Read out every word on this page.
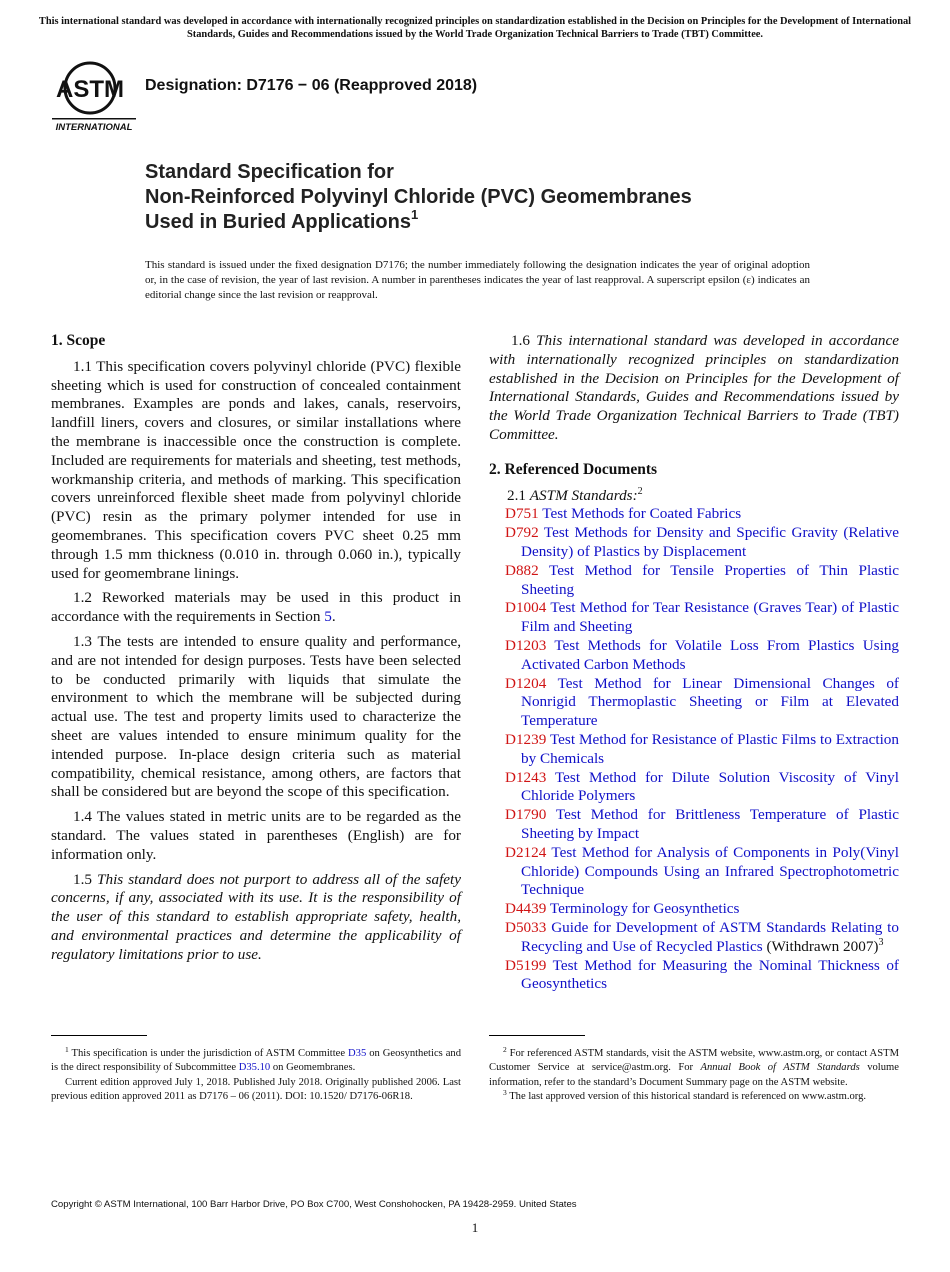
This international standard was developed in accordance with internationally recognized principles on standardization established in the Decision on Principles for the Development of International Standards, Guides and Recommendations issued by the World Trade Organization Technical Barriers to Trade (TBT) Committee.
ASTM
INTERNATIONAL
Designation: D7176 − 06 (Reapproved 2018)
Standard Specification for
Non-Reinforced Polyvinyl Chloride (PVC) Geomembranes
Used in Buried Applications$^1$
This standard is issued under the fixed designation D7176; the number immediately following the designation indicates the year of original adoption or, in the case of revision, the year of last revision. A number in parentheses indicates the year of last reapproval. A superscript epsilon (ε) indicates an editorial change since the last revision or reapproval.
1. Scope

1.1 This specification covers polyvinyl chloride (PVC) flexible sheeting which is used for construction of concealed containment membranes. Examples are ponds and lakes, canals, reservoirs, landfill liners, covers and closures, or similar installations where the membrane is inaccessible once the construction is complete. Included are requirements for materials and sheeting, test methods, workmanship criteria, and methods of marking. This specification covers unreinforced flexible sheet made from polyvinyl chloride (PVC) resin as the primary polymer intended for use in geomembranes. This specification covers PVC sheet 0.25 mm through 1.5 mm thickness (0.010 in. through 0.060 in.), typically used for geomembrane linings.

1.2 Reworked materials may be used in this product in accordance with the requirements in Section 5.

1.3 The tests are intended to ensure quality and performance, and are not intended for design purposes. Tests have been selected to be conducted primarily with liquids that simulate the environment to which the membrane will be subjected during actual use. The test and property limits used to characterize the sheet are values intended to ensure minimum quality for the intended purpose. In-place design criteria such as material compatibility, chemical resistance, among others, are factors that shall be considered but are beyond the scope of this specification.

1.4 The values stated in metric units are to be regarded as the standard. The values stated in parentheses (English) are for information only.

1.5 This standard does not purport to address all of the safety concerns, if any, associated with its use. It is the responsibility of the user of this standard to establish appropriate safety, health, and environmental practices and determine the applicability of regulatory limitations prior to use.

1.6 This international standard was developed in accordance with internationally recognized principles on standardization established in the Decision on Principles for the Development of International Standards, Guides and Recommendations issued by the World Trade Organization Technical Barriers to Trade (TBT) Committee.

2. Referenced Documents

2.1 ASTM Standards:$^2$

D751 Test Methods for Coated Fabrics

D792 Test Methods for Density and Specific Gravity (Relative Density) of Plastics by Displacement

D882 Test Method for Tensile Properties of Thin Plastic Sheeting

D1004 Test Method for Tear Resistance (Graves Tear) of Plastic Film and Sheeting

D1203 Test Methods for Volatile Loss From Plastics Using Activated Carbon Methods

D1204 Test Method for Linear Dimensional Changes of Nonrigid Thermoplastic Sheeting or Film at Elevated Temperature

D1239 Test Method for Resistance of Plastic Films to Extraction by Chemicals

D1243 Test Method for Dilute Solution Viscosity of Vinyl Chloride Polymers

D1790 Test Method for Brittleness Temperature of Plastic Sheeting by Impact

D2124 Test Method for Analysis of Components in Poly(Vinyl Chloride) Compounds Using an Infrared Spectrophotometric Technique

D4439 Terminology for Geosynthetics

D5033 Guide for Development of ASTM Standards Relating to Recycling and Use of Recycled Plastics (Withdrawn 2007)$^3$

D5199 Test Method for Measuring the Nominal Thickness of Geosynthetics

$^1$ This specification is under the jurisdiction of ASTM Committee D35 on Geosynthetics and is the direct responsibility of Subcommittee D35.10 on Geomembranes.

Current edition approved July 1, 2018. Published July 2018. Originally published 2006. Last previous edition approved 2011 as D7176 – 06 (2011). DOI: 10.1520/ D7176-06R18.

$^2$ For referenced ASTM standards, visit the ASTM website, www.astm.org, or contact ASTM Customer Service at service@astm.org. For Annual Book of ASTM Standards volume information, refer to the standard’s Document Summary page on the ASTM website.

$^3$ The last approved version of this historical standard is referenced on www.astm.org.

Copyright © ASTM International, 100 Barr Harbor Drive, PO Box C700, West Conshohocken, PA 19428-2959. United States
1
